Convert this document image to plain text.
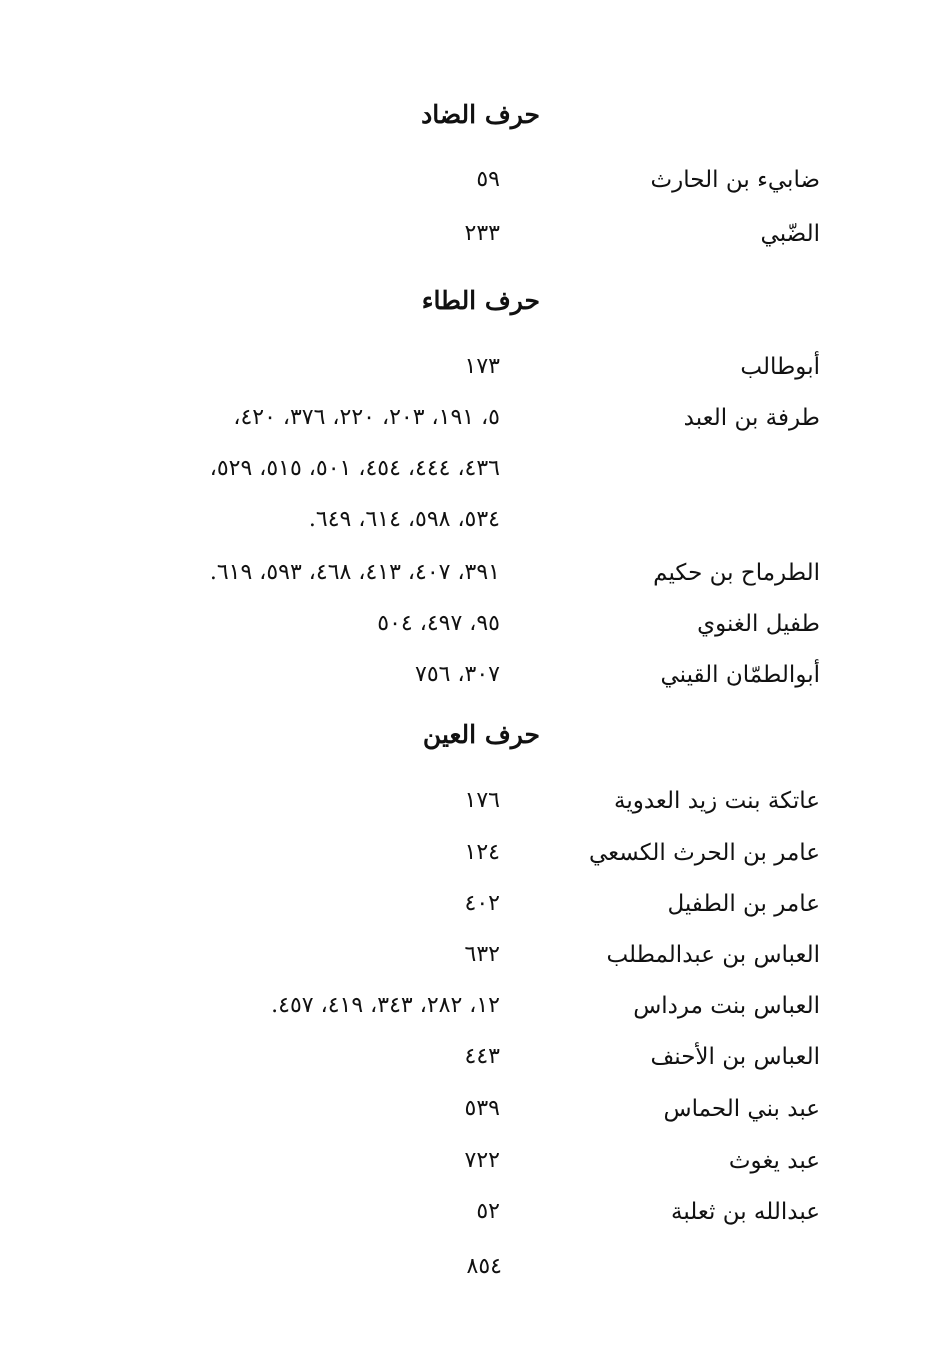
حرف الضاد
ضابيء بن الحارث
٥٩
الضّبي
٢٣٣
حرف الطاء
أبوطالب
١٧٣
طرفة بن العبد
٥، ١٩١، ٢٠٣، ٢٢٠، ٣٧٦، ٤٢٠،
٤٣٦، ٤٤٤، ٤٥٤، ٥٠١، ٥١٥، ٥٢٩،
٥٣٤، ٥٩٨، ٦١٤، ٦٤٩.
الطرماح بن حكيم
٣٩١، ٤٠٧، ٤١٣، ٤٦٨، ٥٩٣، ٦١٩.
طفيل الغنوي
٩٥، ٤٩٧، ٥٠٤
أبوالطمّان القيني
٣٠٧، ٧٥٦
حرف العين
عاتكة بنت زيد العدوية
١٧٦
عامر بن الحرث الكسعي
١٢٤
عامر بن الطفيل
٤٠٢
العباس بن عبدالمطلب
٦٣٢
العباس بنت مرداس
١٢، ٢٨٢، ٣٤٣، ٤١٩، ٤٥٧.
العباس بن الأحنف
٤٤٣
عبد بني الحماس
٥٣٩
عبد يغوث
٧٢٢
عبدالله بن ثعلبة
٥٢
٨٥٤
